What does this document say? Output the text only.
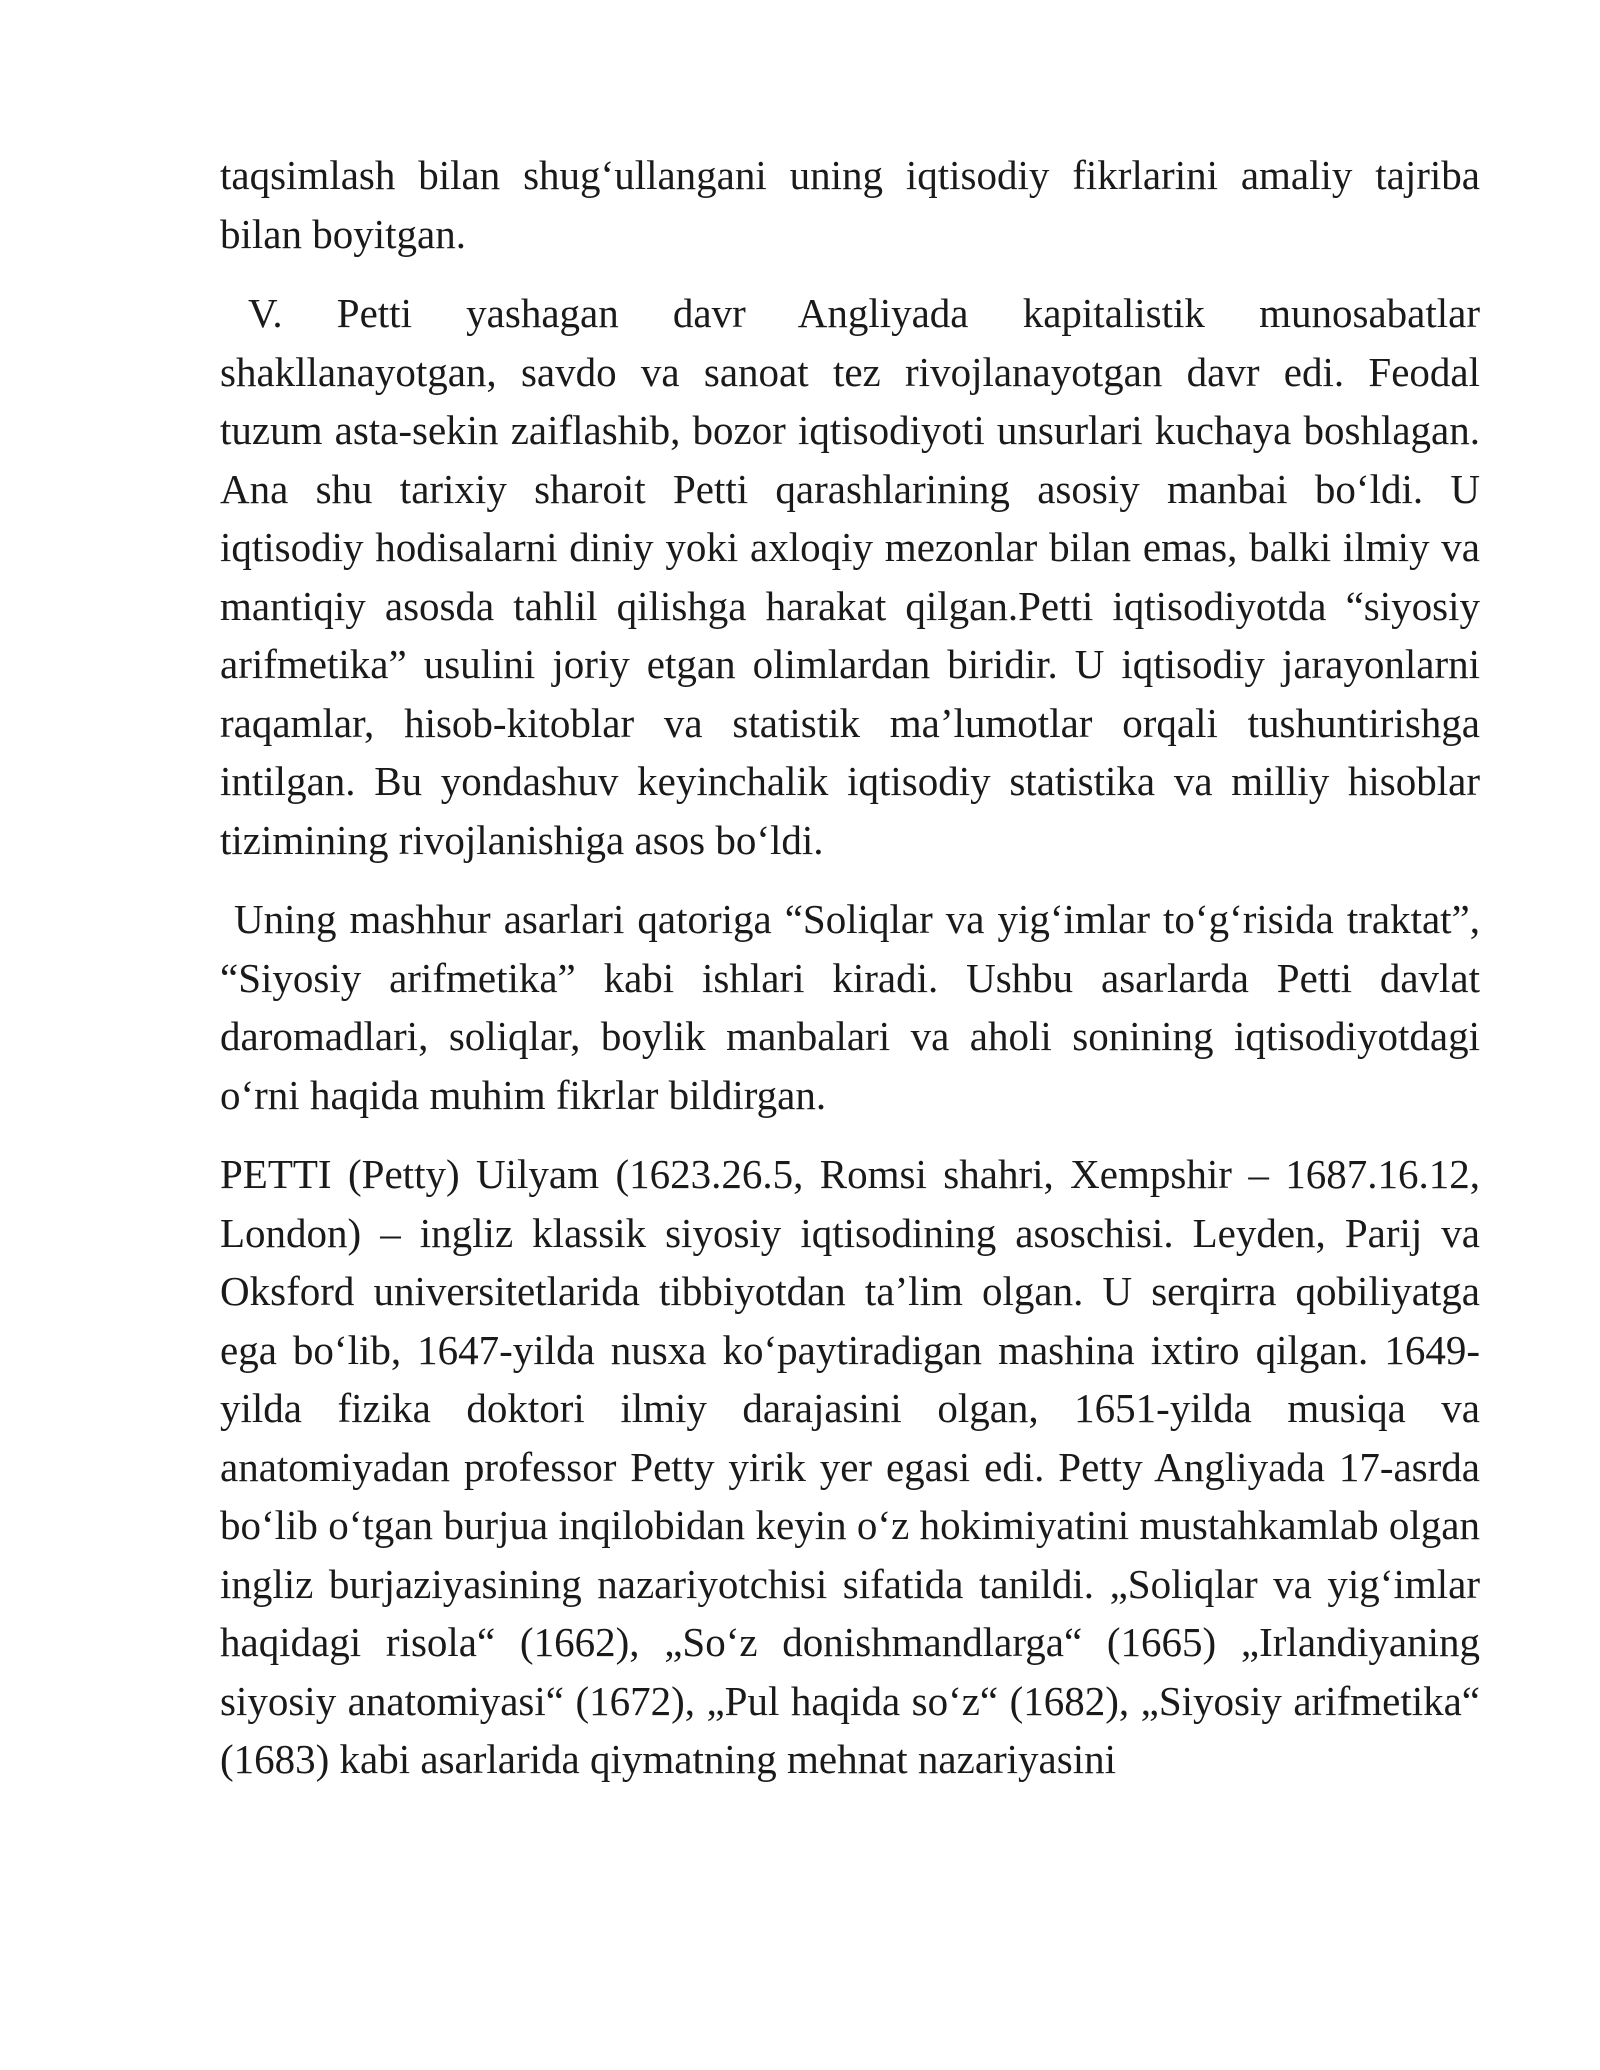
taqsimlash bilan shug‘ullangani uning iqtisodiy fikrlarini amaliy tajriba bilan boyitgan.

V. Petti yashagan davr Angliyada kapitalistik munosabatlar shakllanayotgan, savdo va sanoat tez rivojlanayotgan davr edi. Feodal tuzum asta-sekin zaiflashib, bozor iqtisodiyoti unsurlari kuchaya boshlagan. Ana shu tarixiy sharoit Petti qarashlarining asosiy manbai bo‘ldi. U iqtisodiy hodisalarni diniy yoki axloqiy mezonlar bilan emas, balki ilmiy va mantiqiy asosda tahlil qilishga harakat qilgan.Petti iqtisodiyotda “siyosiy arifmetika” usulini joriy etgan olimlardan biridir. U iqtisodiy jarayonlarni raqamlar, hisob-kitoblar va statistik ma’lumotlar orqali tushuntirishga intilgan. Bu yondashuv keyinchalik iqtisodiy statistika va milliy hisoblar tizimining rivojlanishiga asos bo‘ldi.

Uning mashhur asarlari qatoriga “Soliqlar va yig‘imlar to‘g‘risida traktat”, “Siyosiy arifmetika” kabi ishlari kiradi. Ushbu asarlarda Petti davlat daromadlari, soliqlar, boylik manbalari va aholi sonining iqtisodiyotdagi o‘rni haqida muhim fikrlar bildirgan.

PETTI (Petty) Uilyam (1623.26.5, Romsi shahri, Xempshir – 1687.16.12, London) – ingliz klassik siyosiy iqtisodining asoschisi. Leyden, Parij va Oksford universitetlarida tibbiyotdan ta’lim olgan. U serqirra qobiliyatga ega bo‘lib, 1647-yilda nusxa ko‘paytiradigan mashina ixtiro qilgan. 1649-yilda fizika doktori ilmiy darajasini olgan, 1651-yilda musiqa va anatomiyadan professor Petty yirik yer egasi edi. Petty Angliyada 17-asrda bo‘lib o‘tgan burjua inqilobidan keyin o‘z hokimiyatini mustahkamlab olgan ingliz burjaziyasining nazariyotchisi sifatida tanildi. „Soliqlar va yig‘imlar haqidagi risola“ (1662), „So‘z donishmandlarga“ (1665) „Irlandiyaning siyosiy anatomiyasi“ (1672), „Pul haqida so‘z“ (1682), „Siyosiy arifmetika“ (1683) kabi asarlarida qiymatning mehnat nazariyasini
